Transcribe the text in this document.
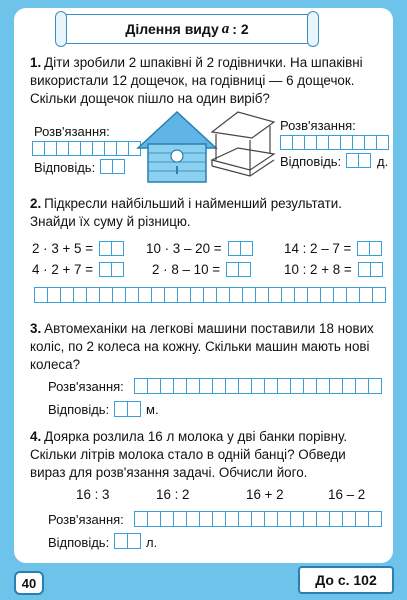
Ділення виду a : 2
1. Діти зробили 2 шпаківні й 2 годівнички. На шпаківні використали 12 дощечок, на годівниці — 6 дощечок. Скільки дощечок пішло на один виріб?
Розв'язання:
Відповідь:
Розв'язання:
Відповідь:	д.
2. Підкресли найбільший і найменший результати. Знайди їх суму й різницю.
2 · 3 + 5 =	10 · 3 – 20 =	14 : 2 – 7 =
4 · 2 + 7 =	2 · 8 – 10 =	10 : 2 + 8 =
3. Автомеханіки на легкові машини поставили 18 нових коліс, по 2 колеса на кожну. Скільки машин мають нові колеса?
Розв'язання:
Відповідь:	м.
4. Доярка розлила 16 л молока у дві банки порівну. Скільки літрів молока стало в одній банці? Обведи вираз для розв'язання задачі. Обчисли його.
16 : 3	16 : 2	16 + 2	16 – 2
Розв'язання:
Відповідь:	л.
40	До с. 102
